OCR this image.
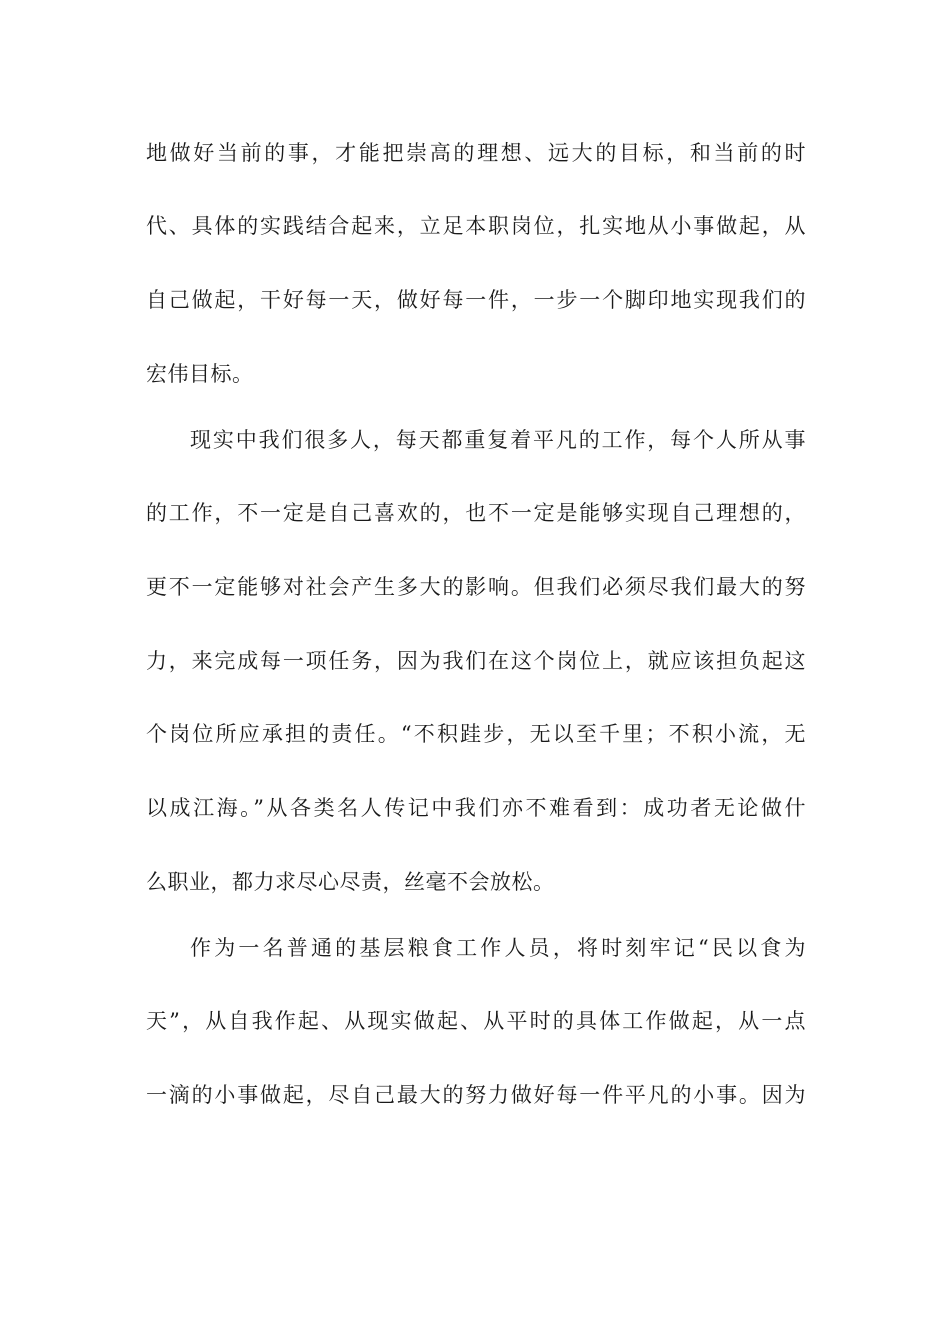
地做好当前的事，才能把崇高的理想、远大的目标，和当前的时
代、具体的实践结合起来，立足本职岗位，扎实地从小事做起，从
自己做起，干好每一天，做好每一件，一步一个脚印地实现我们的
宏伟目标。
现实中我们很多人，每天都重复着平凡的工作，每个人所从事
的工作，不一定是自己喜欢的，也不一定是能够实现自己理想的，
更不一定能够对社会产生多大的影响。但我们必须尽我们最大的努
力，来完成每一项任务，因为我们在这个岗位上，就应该担负起这
个岗位所应承担的责任。“不积跬步，无以至千里；不积小流，无
以成江海。”从各类名人传记中我们亦不难看到：成功者无论做什
么职业，都力求尽心尽责，丝毫不会放松。
作为一名普通的基层粮食工作人员，将时刻牢记“民以食为
天”，从自我作起、从现实做起、从平时的具体工作做起，从一点
一滴的小事做起，尽自己最大的努力做好每一件平凡的小事。因为
